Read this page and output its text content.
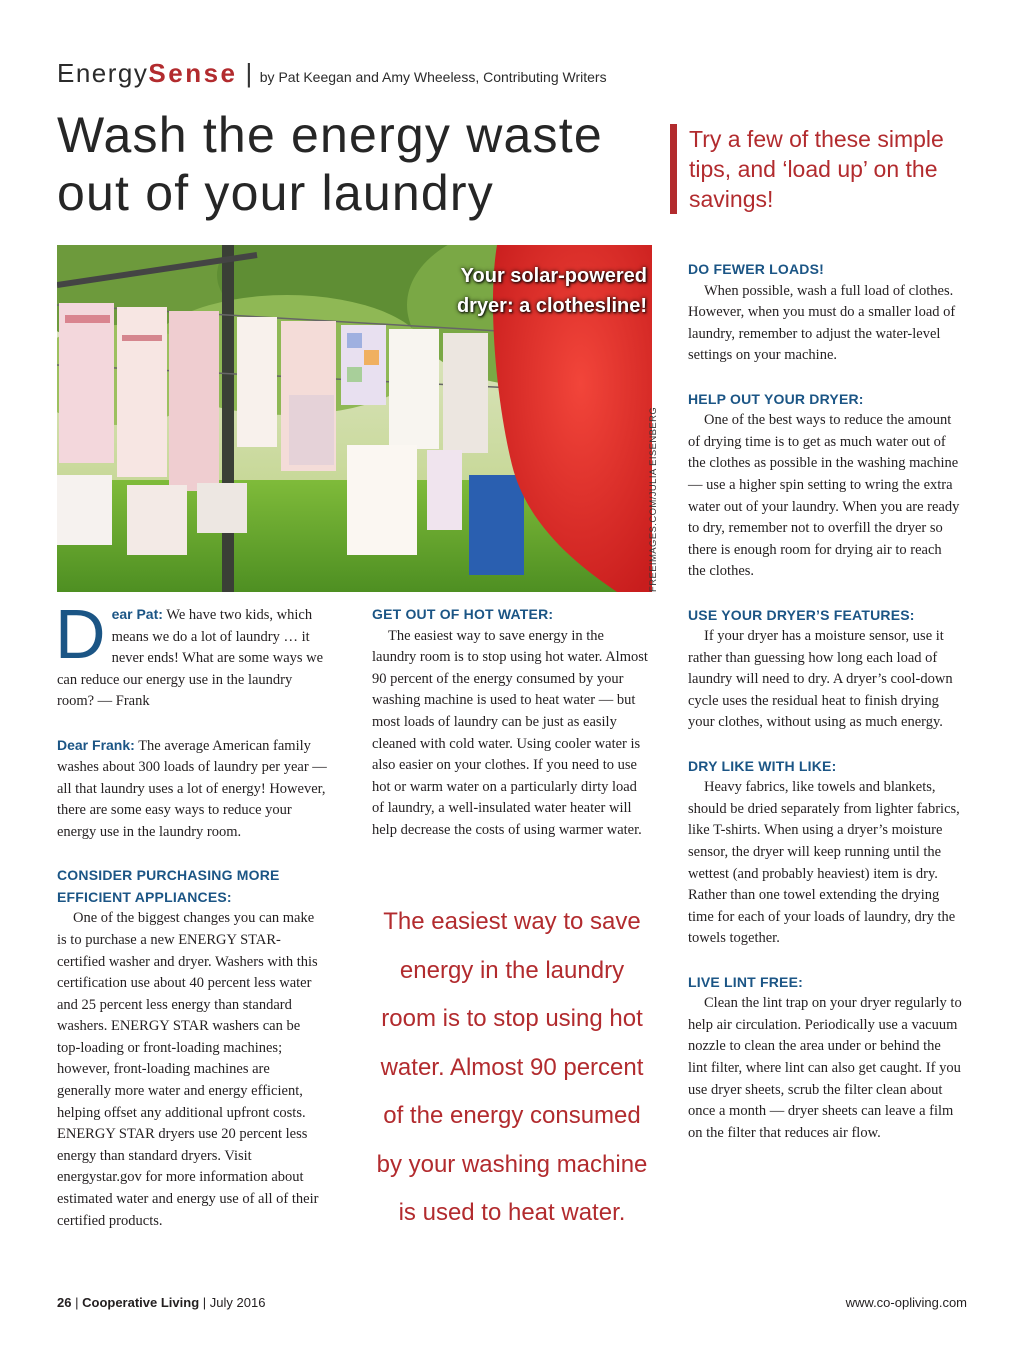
EnergySense | by Pat Keegan and Amy Wheeless, Contributing Writers
Wash the energy waste
out of your laundry
Try a few of these simple tips, and ‘load up’ on the savings!
Your solar-powered
dryer: a clothesline!
FREEIMAGES.COM/JULIA EISENBERG

Dear Pat: We have two kids, which means we do a lot of laundry … it never ends! What are some ways we can reduce our energy use in the laundry room? — Frank

Dear Frank: The average American family washes about 300 loads of laundry per year — all that laundry uses a lot of energy! However, there are some easy ways to reduce your energy use in the laundry room.

CONSIDER PURCHASING MORE
EFFICIENT APPLIANCES:

One of the biggest changes you can make is to purchase a new ENERGY STAR-certified washer and dryer. Washers with this certification use about 40 percent less water and 25 percent less energy than standard washers. ENERGY STAR washers can be top-loading or front-loading machines; however, front-loading machines are generally more water and energy efficient, helping offset any additional upfront costs. ENERGY STAR dryers use 20 percent less energy than standard dryers. Visit energystar.gov for more information about estimated water and energy use of all of their certified products.

GET OUT OF HOT WATER:

The easiest way to save energy in the laundry room is to stop using hot water. Almost 90 percent of the energy consumed by your washing machine is used to heat water — but most loads of laundry can be just as easily cleaned with cold water. Using cooler water is also easier on your clothes. If you need to use hot or warm water on a particularly dirty load of laundry, a well-insulated water heater will help decrease the costs of using warmer water.

The easiest way to save energy in the laundry room is to stop using hot water. Almost 90 percent of the energy consumed by your washing machine is used to heat water.
DO FEWER LOADS!

When possible, wash a full load of clothes. However, when you must do a smaller load of laundry, remember to adjust the water-level settings on your machine.

HELP OUT YOUR DRYER:

One of the best ways to reduce the amount of drying time is to get as much water out of the clothes as possible in the washing machine — use a higher spin setting to wring the extra water out of your laundry. When you are ready to dry, remember not to overfill the dryer so there is enough room for drying air to reach the clothes.

USE YOUR DRYER’S FEATURES:

If your dryer has a moisture sensor, use it rather than guessing how long each load of laundry will need to dry. A dryer’s cool-down cycle uses the residual heat to finish drying your clothes, without using as much energy.

DRY LIKE WITH LIKE:

Heavy fabrics, like towels and blankets, should be dried separately from lighter fabrics, like T-shirts. When using a dryer’s moisture sensor, the dryer will keep running until the wettest (and probably heaviest) item is dry. Rather than one towel extending the drying time for each of your loads of laundry, dry the towels together.

LIVE LINT FREE:

Clean the lint trap on your dryer regularly to help air circulation. Periodically use a vacuum nozzle to clean the area under or behind the lint filter, where lint can also get caught. If you use dryer sheets, scrub the filter clean about once a month — dryer sheets can leave a film on the filter that reduces air flow.

26 | Cooperative Living | July 2016	www.co-opliving.com
